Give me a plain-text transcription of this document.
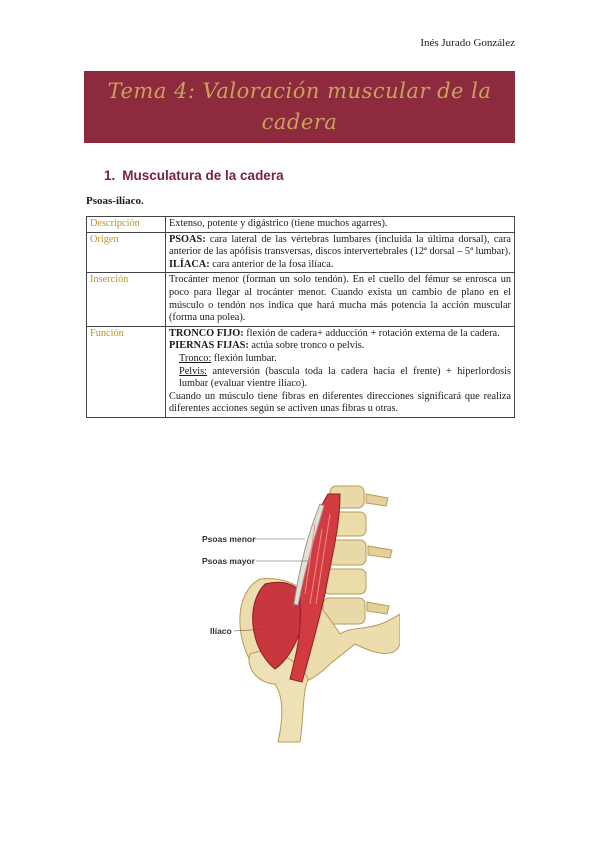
Inés Jurado González
Tema 4: Valoración muscular de la cadera
1. Musculatura de la cadera
Psoas-ilíaco.
Descripción	Extenso, potente y digástrico (tiene muchos agarres).
Origen	PSOAS: cara lateral de las vértebras lumbares (incluida la última dorsal), cara anterior de las apófisis transversas, discos intervertebrales (12ª dorsal – 5ª lumbar).
ILÍACA: cara anterior de la fosa ilíaca.

Inserción	Trocánter menor (forman un solo tendón). En el cuello del fémur se enrosca un poco para llegar al trocánter menor. Cuando exista un cambio de plano en el músculo o tendón nos indica que hará mucha más potencia la acción muscular (forma una polea).
Función	TRONCO FIJO: flexión de cadera+ adducción + rotación externa de la cadera.
PIERNAS FIJAS: actúa sobre tronco o pelvis.
Tronco: flexión lumbar.
Pelvis: anteversión (bascula toda la cadera hacia el frente) + hiperlordosis lumbar (evaluar vientre ilíaco).
Cuando un músculo tiene fibras en diferentes direcciones significará que realiza diferentes acciones según se activen unas fibras u otras.
Psoas menor
Psoas mayor
Ilíaco
